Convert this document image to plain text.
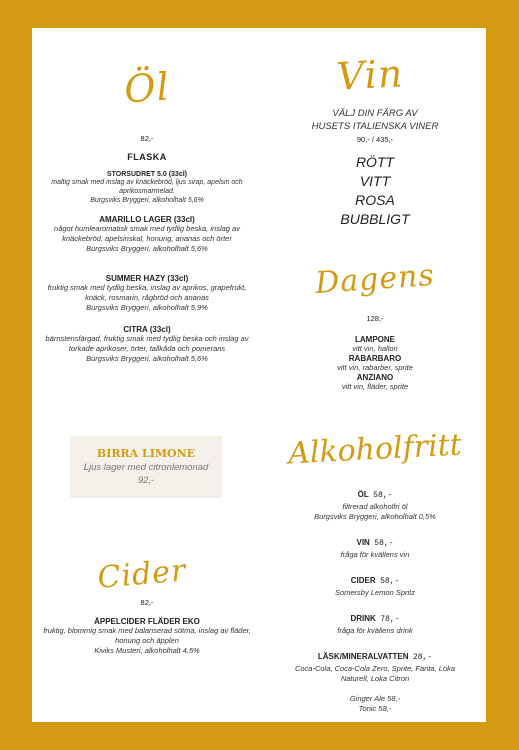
Öl
82,-
FLASKA
STORSUDRET 5.0 (33cl)
maltig smak med inslag av knäckebröd, ljus sirap, apelsin och aprikosmarmelad.
Burgsviks Bryggeri, alkoholhalt 5,6%
AMARILLO LAGER (33cl)
något humlearomatisk smak med tydlig beska, inslag av knäckebröd, apelsinskal, honung, ananas och örter
Burgsviks Bryggeri, alkoholhalt 5,6%
SUMMER HAZY (33cl)
fruktig smak med tydlig beska, inslag av aprikos, grapefrukt, knäck, rosmarin, rågbröd och ananas
Burgsviks Bryggeri, alkoholhalt 5,9%
CITRA (33cl)
bärnstensfärgad, fruktig smak med tydlig beska och inslag av torkade aprikoser, örter, tallkåda och pomerans
Burgsviks Bryggeri, alkoholhalt 5,6%
BIRRA LIMONE
Ljus lager med citronlemonad
92,-
Cider
82,-
ÄPPELCIDER FLÄDER EKO
fruktig, blommig smak med balanserad sötma, inslag av fläder, honung och äpplen
Kiviks Musteri, alkoholhalt 4,5%
Vin
VÄLJ DIN FÄRG AV
HUSETS ITALIENSKA VINER
90,- / 435,-
RÖTT
VITT
ROSA
BUBBLIGT
Dagens
128,-
LAMPONE
vitt vin, hallon
RABARBARO
vitt vin, rabarber, sprite
ANZIANO
vitt vin, fläder, sprite
Alkoholfritt
ÖL 58,-
filtrerad alkoholfri öl
Burgsviks Bryggeri, alkoholhalt 0,5%
VIN 58,-
fråga för kvällens vin
CIDER 58,-
Somersby Lemon Spritz
DRINK 78,-
fråga för kvällens drink
LÄSK/MINERALVATTEN 28,-
Coca-Cola, Coca-Cola Zero, Sprite, Fanta, Loka Naturell, Loka Citron
Ginger Ale 58,-
Tonic 58,-
